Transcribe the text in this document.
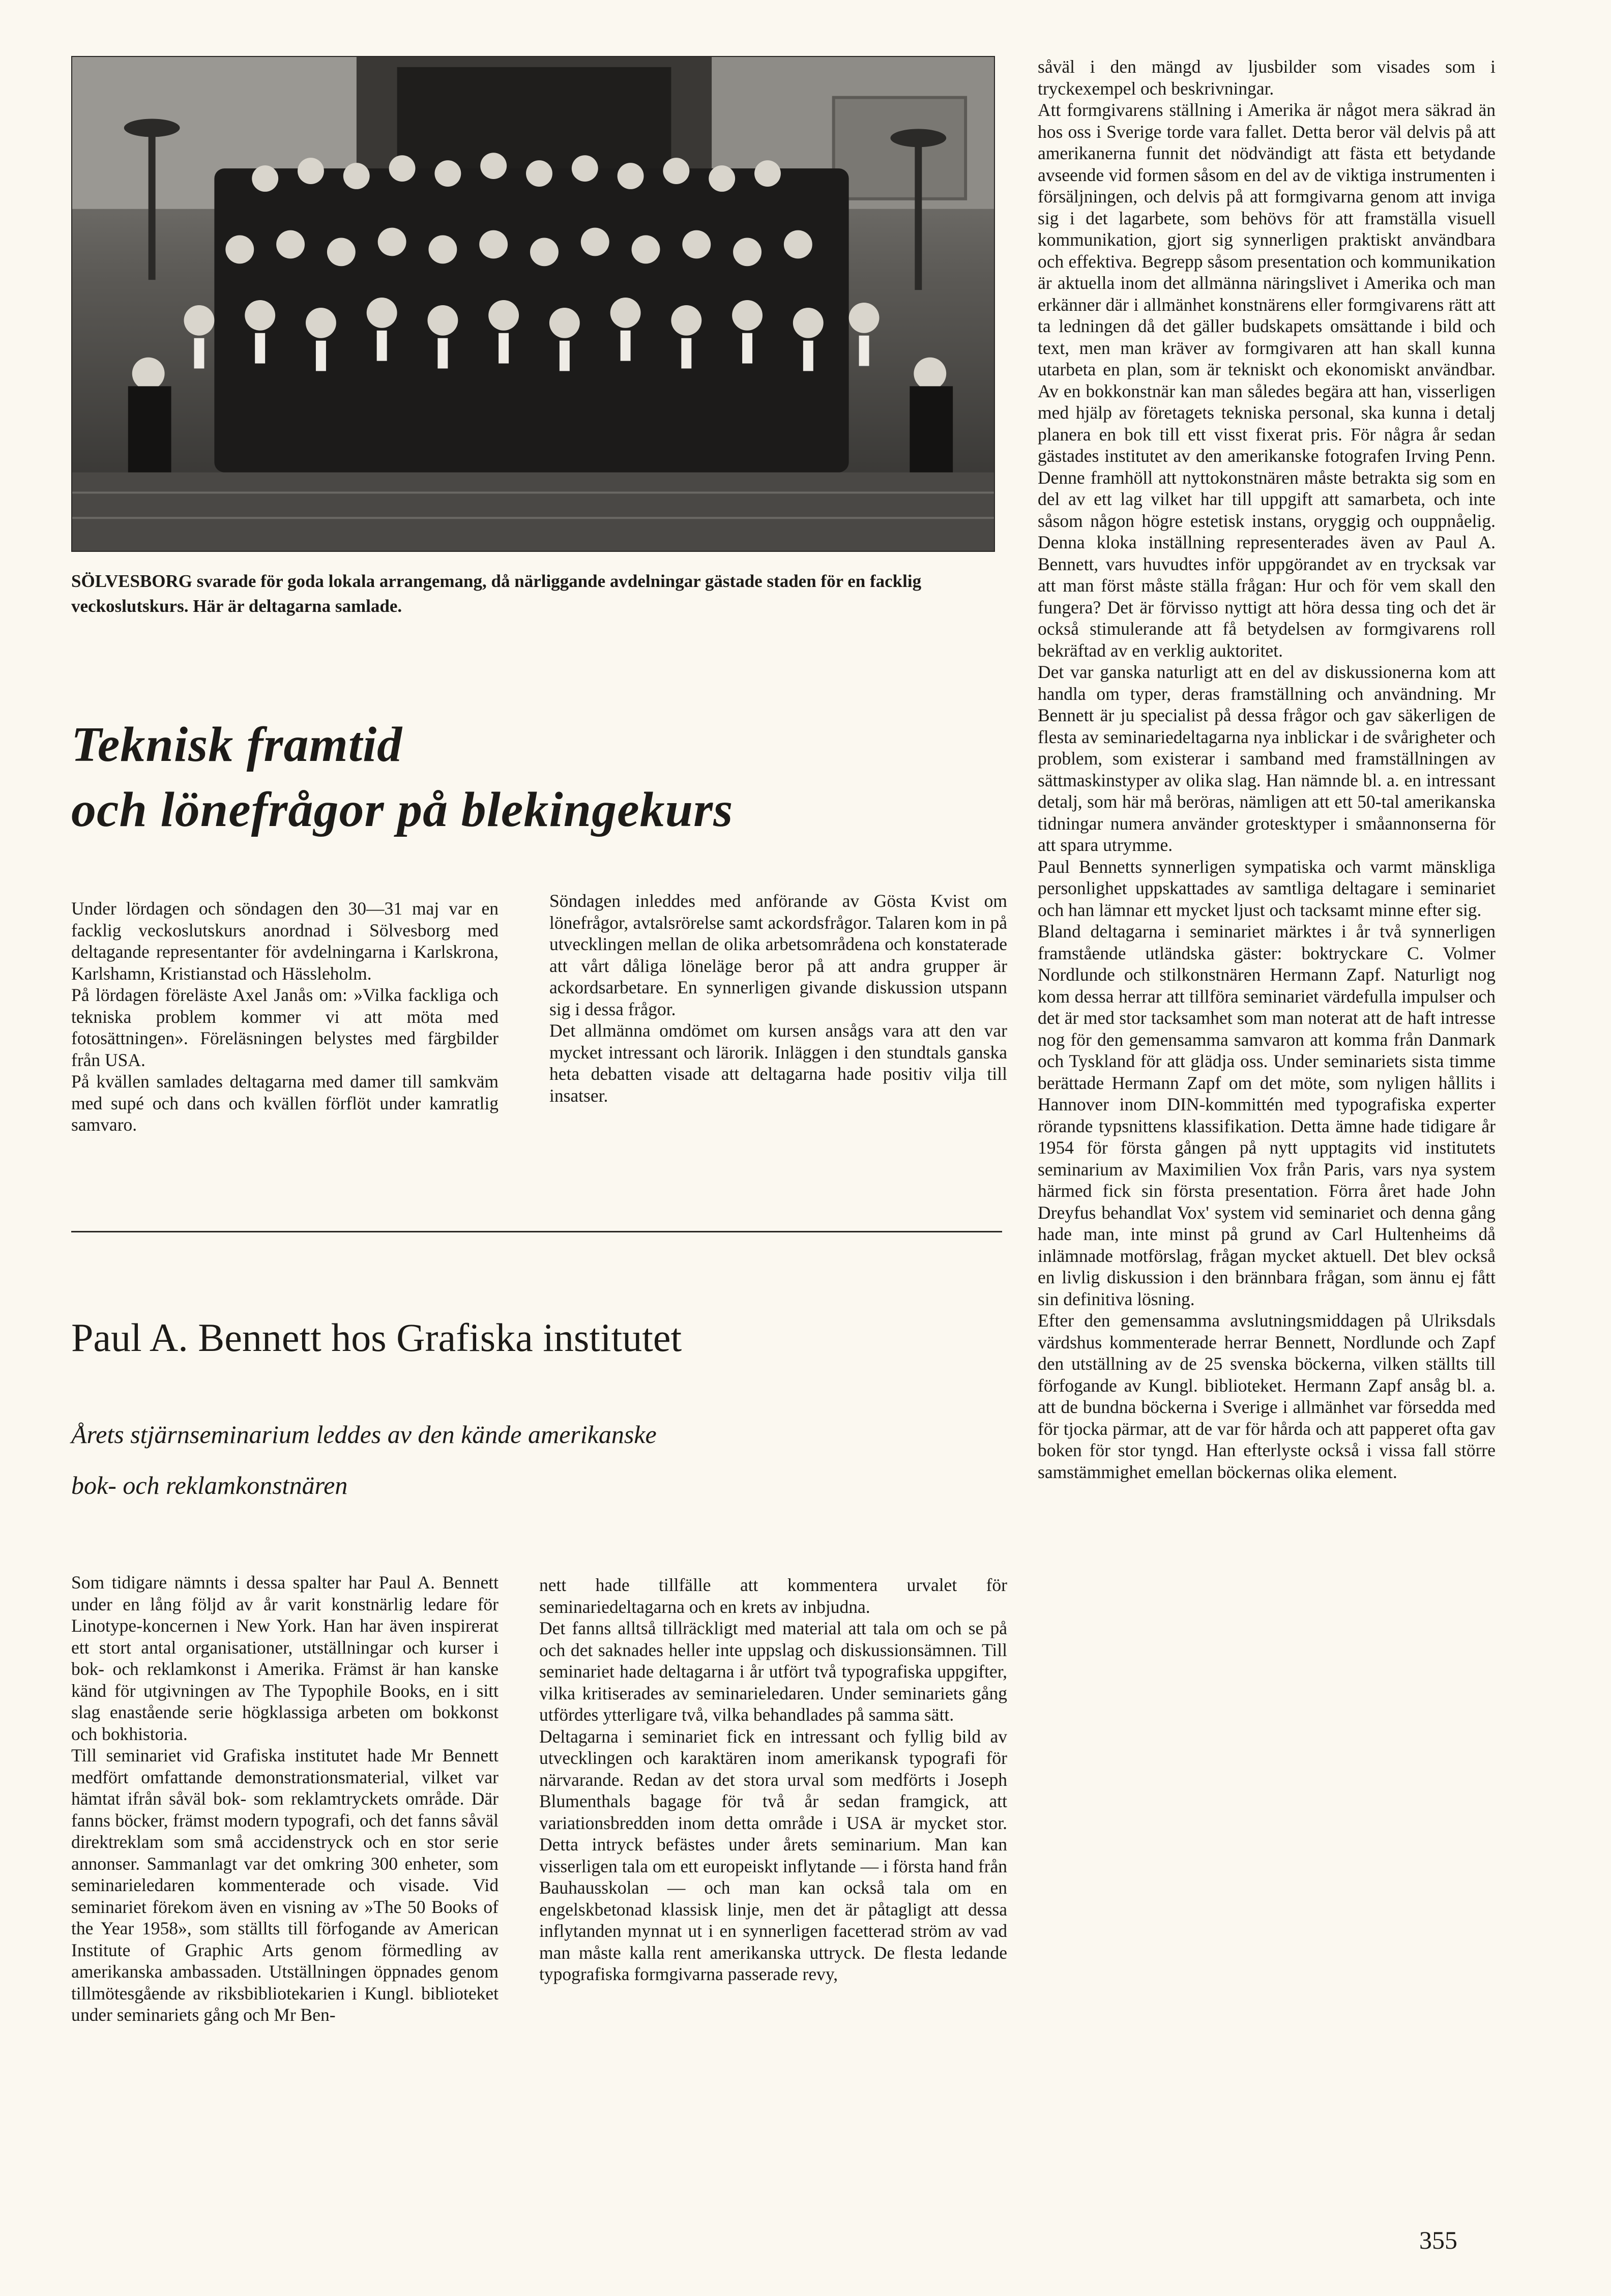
SÖLVESBORG svarade för goda lokala arrangemang, då närliggande avdelningar gästade staden för en facklig veckoslutskurs. Här är deltagarna samlade.
Teknisk framtid
och lönefrågor på blekingekurs

Under lördagen och söndagen den 30—31 maj var en facklig veckoslutskurs anordnad i Sölvesborg med deltagande representanter för avdelningarna i Karlskrona, Karlshamn, Kristianstad och Hässleholm.
På lördagen föreläste Axel Janås om: »Vilka fackliga och tekniska problem kommer vi att möta med fotosättningen». Föreläsningen belystes med färgbilder från USA.
På kvällen samlades deltagarna med damer till samkväm med supé och dans och kvällen förflöt under kamratlig samvaro.

Söndagen inleddes med anförande av Gösta Kvist om lönefrågor, avtalsrörelse samt ackordsfrågor. Talaren kom in på utvecklingen mellan de olika arbetsområdena och konstaterade att vårt dåliga löneläge beror på att andra grupper är ackordsarbetare. En synnerligen givande diskussion utspann sig i dessa frågor.
Det allmänna omdömet om kursen ansågs vara att den var mycket intressant och lärorik. Inläggen i den stundtals ganska heta debatten visade att deltagarna hade positiv vilja till insatser.

Paul A. Bennett hos Grafiska institutet
Årets stjärnseminarium leddes av den kände amerikanske
bok- och reklamkonstnären

Som tidigare nämnts i dessa spalter har Paul A. Bennett under en lång följd av år varit konstnärlig ledare för Linotype-koncernen i New York. Han har även inspirerat ett stort antal organisationer, utställningar och kurser i bok- och reklamkonst i Amerika. Främst är han kanske känd för utgivningen av The Typophile Books, en i sitt slag enastående serie högklassiga arbeten om bokkonst och bokhistoria.
Till seminariet vid Grafiska institutet hade Mr Bennett medfört omfattande demonstrationsmaterial, vilket var hämtat ifrån såväl bok- som reklamtryckets område. Där fanns böcker, främst modern typografi, och det fanns såväl direktreklam som små accidenstryck och en stor serie annonser. Sammanlagt var det omkring 300 enheter, som seminarieledaren kommenterade och visade. Vid seminariet förekom även en visning av »The 50 Books of the Year 1958», som ställts till förfogande av American Institute of Graphic Arts genom förmedling av amerikanska ambassaden. Utställningen öppnades genom tillmötesgående av riksbibliotekarien i Kungl. biblioteket under seminariets gång och Mr Ben-

nett hade tillfälle att kommentera urvalet för seminariedeltagarna och en krets av inbjudna.
Det fanns alltså tillräckligt med material att tala om och se på och det saknades heller inte uppslag och diskussionsämnen. Till seminariet hade deltagarna i år utfört två typografiska uppgifter, vilka kritiserades av seminarieledaren. Under seminariets gång utfördes ytterligare två, vilka behandlades på samma sätt.
Deltagarna i seminariet fick en intressant och fyllig bild av utvecklingen och karaktären inom amerikansk typografi för närvarande. Redan av det stora urval som medförts i Joseph Blumenthals bagage för två år sedan framgick, att variationsbredden inom detta område i USA är mycket stor. Detta intryck befästes under årets seminarium. Man kan visserligen tala om ett europeiskt inflytande — i första hand från Bauhausskolan — och man kan också tala om en engelskbetonad klassisk linje, men det är påtagligt att dessa inflytanden mynnat ut i en synnerligen facetterad ström av vad man måste kalla rent amerikanska uttryck. De flesta ledande typografiska formgivarna passerade revy,

såväl i den mängd av ljusbilder som visades som i tryckexempel och beskrivningar.
Att formgivarens ställning i Amerika är något mera säkrad än hos oss i Sverige torde vara fallet. Detta beror väl delvis på att amerikanerna funnit det nödvändigt att fästa ett betydande avseende vid formen såsom en del av de viktiga instrumenten i försäljningen, och delvis på att formgivarna genom att inviga sig i det lagarbete, som behövs för att framställa visuell kommunikation, gjort sig synnerligen praktiskt användbara och effektiva. Begrepp såsom presentation och kommunikation är aktuella inom det allmänna näringslivet i Amerika och man erkänner där i allmänhet konstnärens eller formgivarens rätt att ta ledningen då det gäller budskapets omsättande i bild och text, men man kräver av formgivaren att han skall kunna utarbeta en plan, som är tekniskt och ekonomiskt användbar. Av en bokkonstnär kan man således begära att han, visserligen med hjälp av företagets tekniska personal, ska kunna i detalj planera en bok till ett visst fixerat pris. För några år sedan gästades institutet av den amerikanske fotografen Irving Penn. Denne framhöll att nyttokonstnären måste betrakta sig som en del av ett lag vilket har till uppgift att samarbeta, och inte såsom någon högre estetisk instans, oryggig och ouppnåelig. Denna kloka inställning representerades även av Paul A. Bennett, vars huvudtes inför uppgörandet av en trycksak var att man först måste ställa frågan: Hur och för vem skall den fungera? Det är förvisso nyttigt att höra dessa ting och det är också stimulerande att få betydelsen av formgivarens roll bekräftad av en verklig auktoritet.
Det var ganska naturligt att en del av diskussionerna kom att handla om typer, deras framställning och användning. Mr Bennett är ju specialist på dessa frågor och gav säkerligen de flesta av seminariedeltagarna nya inblickar i de svårigheter och problem, som existerar i samband med framställningen av sättmaskinstyper av olika slag. Han nämnde bl. a. en intressant detalj, som här må beröras, nämligen att ett 50-tal amerikanska tidningar numera använder grotesktyper i småannonserna för att spara utrymme.
Paul Bennetts synnerligen sympatiska och varmt mänskliga personlighet uppskattades av samtliga deltagare i seminariet och han lämnar ett mycket ljust och tacksamt minne efter sig.
Bland deltagarna i seminariet märktes i år två synnerligen framstående utländska gäster: boktryckare C. Volmer Nordlunde och stilkonstnären Hermann Zapf. Naturligt nog kom dessa herrar att tillföra seminariet värdefulla impulser och det är med stor tacksamhet som man noterat att de haft intresse nog för den gemensamma samvaron att komma från Danmark och Tyskland för att glädja oss. Under seminariets sista timme berättade Hermann Zapf om det möte, som nyligen hållits i Hannover inom DIN-kommittén med typografiska experter rörande typsnittens klassifikation. Detta ämne hade tidigare år 1954 för första gången på nytt upptagits vid institutets seminarium av Maximilien Vox från Paris, vars nya system härmed fick sin första presentation. Förra året hade John Dreyfus behandlat Vox' system vid seminariet och denna gång hade man, inte minst på grund av Carl Hultenheims då inlämnade motförslag, frågan mycket aktuell. Det blev också en livlig diskussion i den brännbara frågan, som ännu ej fått sin definitiva lösning.
Efter den gemensamma avslutningsmiddagen på Ulriksdals värdshus kommenterade herrar Bennett, Nordlunde och Zapf den utställning av de 25 svenska böckerna, vilken ställts till förfogande av Kungl. biblioteket. Hermann Zapf ansåg bl. a. att de bundna böckerna i Sverige i allmänhet var försedda med för tjocka pärmar, att de var för hårda och att papperet ofta gav boken för stor tyngd. Han efterlyste också i vissa fall större samstämmighet emellan böckernas olika element.

355
